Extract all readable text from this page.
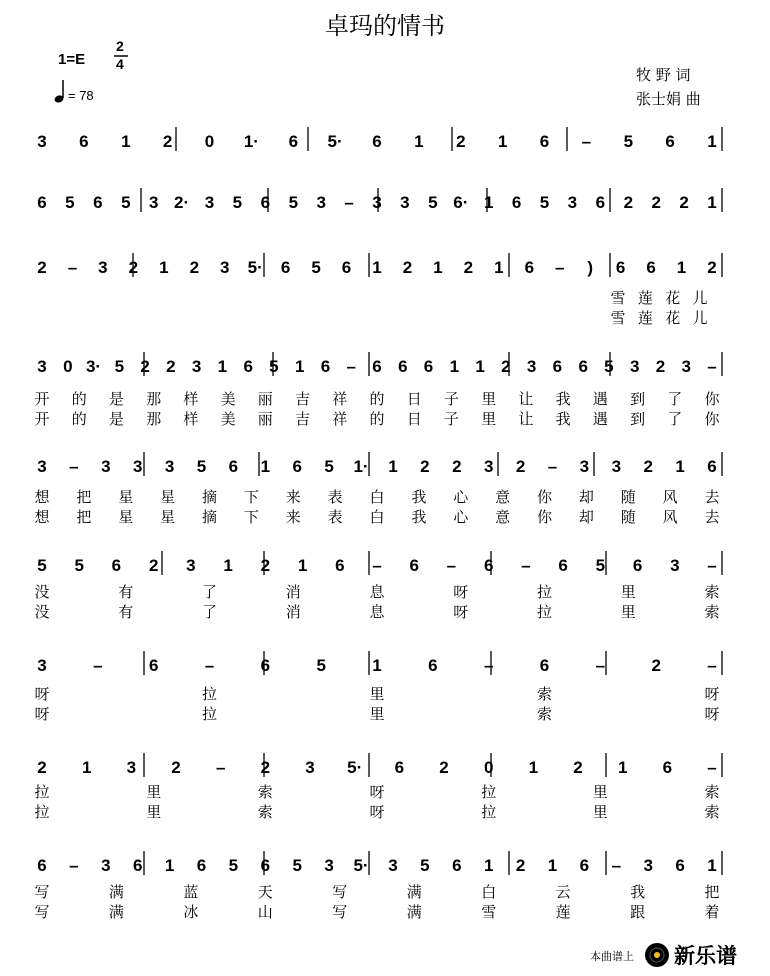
卓玛的情书
1=E
2
4
= 78
牧 野 词
张士娟 曲
3 6 1 2 0 1· 6 5· 6 1 2 1 6 – 5 6 1
6 5 6 5 3 2· 3 5 6 5 3 – 3 3 5 6· 1 6 5 3 6 2 2 2 1
2 – 3 2 1 2 3 5· 6 5 6 1 2 1 2 1 6 – ) 6 6 1 2
雪 莲 花 儿
雪 莲 花 儿
3 0 3· 5 2 2 3 1 6 5 1 6 – 6 6 6 1 1 2 3 6 6 5 3 2 3 –
开 的 是 那 样 美 丽 吉 祥 的 日 子 里 让 我 遇 到 了 你
开 的 是 那 样 美 丽 吉 祥 的 日 子 里 让 我 遇 到 了 你
3 – 3 3 3 5 6 1 6 5 1· 1 2 2 3 2 – 3 3 2 1 6
想 把 星 星 摘 下 来 表 白 我 心 意 你 却 随 风 去
想 把 星 星 摘 下 来 表 白 我 心 意 你 却 随 风 去
5 5 6 2 3 1 2 1 6 – 6 – 6 – 6 5 6 3 –
没	有	了	消	息	呀	拉	里	索
没	有	了	消	息	呀	拉	里	索
3	–	6	–	6	5	1	6	–	6	–	2	–
呀	拉	里	索	呀
呀	拉	里	索	呀
2 1 3 2 – 2 3 5· 6 2 0 1 2 1 6 –
拉	里	索	呀	拉	里	索
拉	里	索	呀	拉	里	索
6 – 3 6 1 6 5 6 5 3 5· 3 5 6 1 2 1 6 – 3 6 1
写	满	蓝	天	写	满	白	云	我	把
写	满	冰	山	写	满	雪	莲	跟	着
本曲谱上 新乐谱
